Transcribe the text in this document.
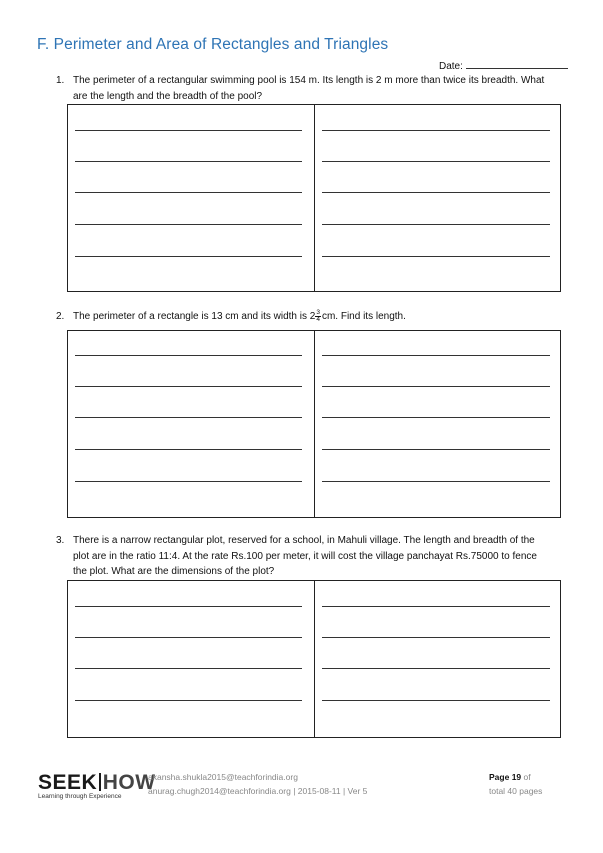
F. Perimeter and Area of Rectangles and Triangles
Date:
1. The perimeter of a rectangular swimming pool is 154 m. Its length is 2 m more than twice its breadth. What
are the length and the breadth of the pool?
2. The perimeter of a rectangle is 13 cm and its width is $2 \frac{3}{4}$ cm. Find its length.
3. There is a narrow rectangular plot, reserved for a school, in Mahuli village. The length and breadth of the
plot are in the ratio 11:4. At the rate Rs.100 per meter, it will cost the village panchayat Rs.75000 to fence
the plot. What are the dimensions of the plot?
SEEK HOW
Learning through Experience
akansha.shukla2015@teachforindia.org
anurag.chugh2014@teachforindia.org | 2015-08-11 | Ver 5
Page 19 of
total 40 pages
